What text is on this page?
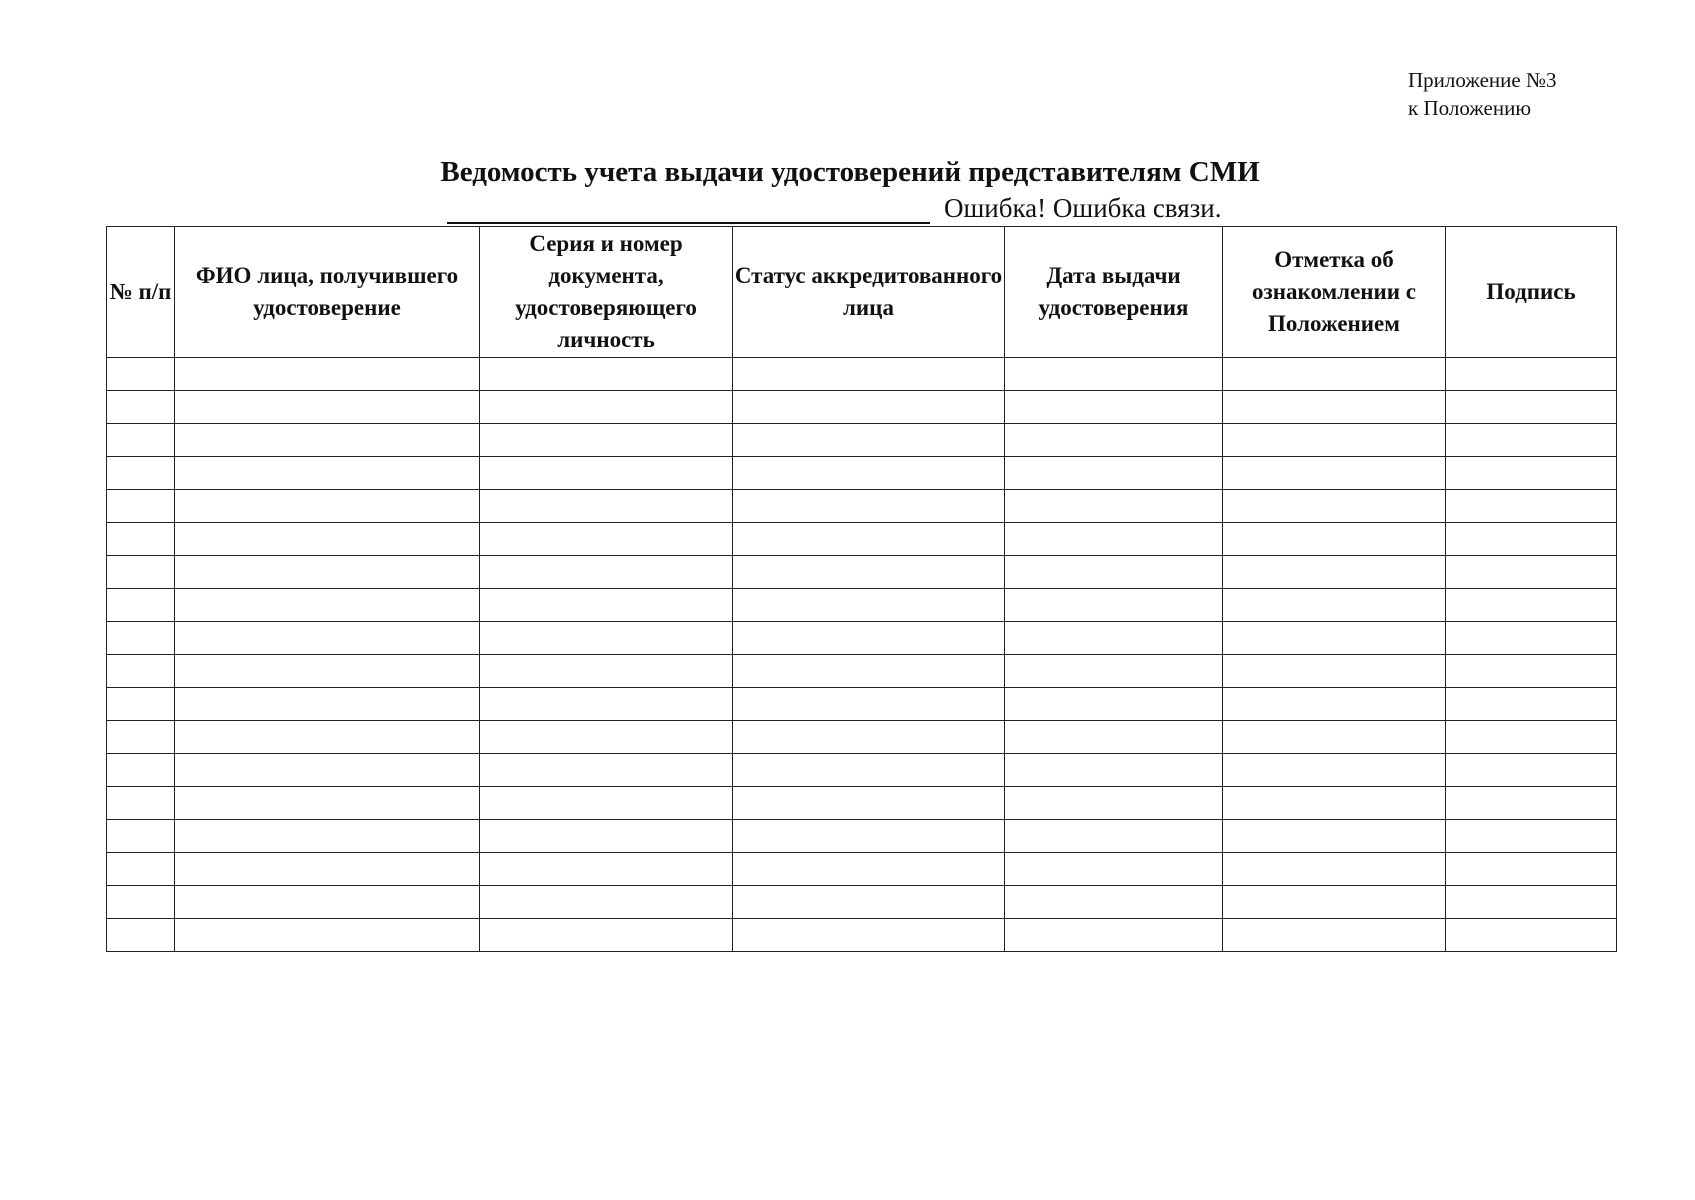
Приложение №3
к Положению
Ведомость учета выдачи удостоверений представителям СМИ
Ошибка! Ошибка связи.
№ п/п	ФИО лица, получившего удостоверение	Серия и номер документа, удостоверяющего личность	Статус аккредитованного лица	Дата выдачи удостоверения	Отметка об ознакомлении с Положением	Подпись
